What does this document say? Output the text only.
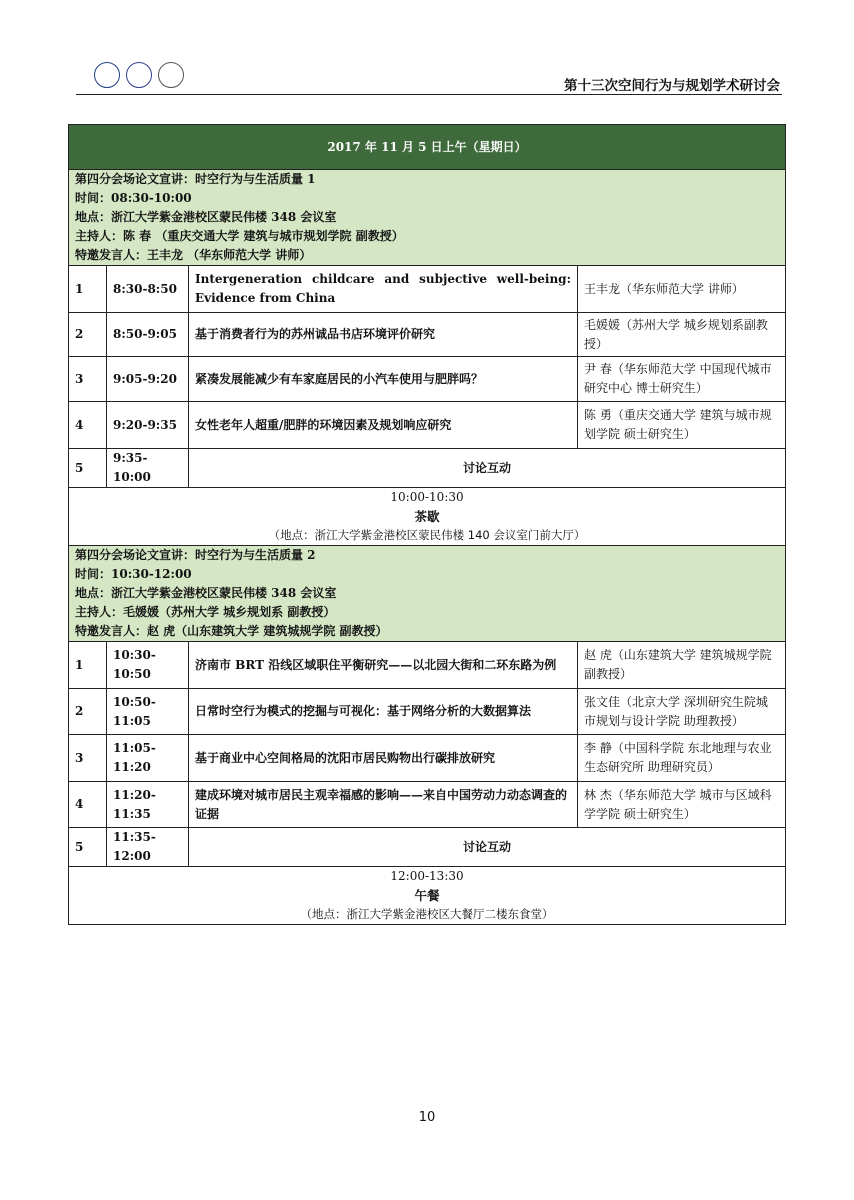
第十三次空间行为与规划学术研讨会
2017 年 11 月 5 日上午（星期日）			

第四分会场论文宣讲：时空行为与生活质量 1
时间：08:30-10:00
地点：浙江大学紫金港校区蒙民伟楼 348 会议室
主持人：陈 春 （重庆交通大学 建筑与城市规划学院 副教授）
特邀发言人：王丰龙 （华东师范大学 讲师）			

1	8:30-8:50	Intergeneration childcare and subjective well-being: Evidence from China	王丰龙（华东师范大学 讲师）
2	8:50-9:05	基于消费者行为的苏州诚品书店环境评价研究	毛媛媛（苏州大学 城乡规划系副教授）
3	9:05-9:20	紧凑发展能减少有车家庭居民的小汽车使用与肥胖吗？	尹 春（华东师范大学 中国现代城市研究中心 博士研究生）
4	9:20-9:35	女性老年人超重/肥胖的环境因素及规划响应研究	陈 勇（重庆交通大学 建筑与城市规划学院 硕士研究生）
5	9:35-10:00	讨论互动	

10:00-10:30
茶歇
（地点：浙江大学紫金港校区蒙民伟楼 140 会议室门前大厅）			

第四分会场论文宣讲：时空行为与生活质量 2
时间：10:30-12:00
地点：浙江大学紫金港校区蒙民伟楼 348 会议室
主持人：毛媛媛（苏州大学 城乡规划系 副教授）
特邀发言人：赵 虎（山东建筑大学 建筑城规学院 副教授）			

1	10:30-10:50	济南市 BRT 沿线区域职住平衡研究——以北园大街和二环东路为例	赵 虎（山东建筑大学 建筑城规学院 副教授）
2	10:50-11:05	日常时空行为模式的挖掘与可视化：基于网络分析的大数据算法	张文佳（北京大学 深圳研究生院城市规划与设计学院 助理教授）
3	11:05-11:20	基于商业中心空间格局的沈阳市居民购物出行碳排放研究	李 静（中国科学院 东北地理与农业生态研究所 助理研究员）
4	11:20-11:35	建成环境对城市居民主观幸福感的影响——来自中国劳动力动态调查的证据	林 杰（华东师范大学 城市与区域科学学院 硕士研究生）
5	11:35-12:00	讨论互动	

12:00-13:30
午餐
（地点：浙江大学紫金港校区大餐厅二楼东食堂）			
10
